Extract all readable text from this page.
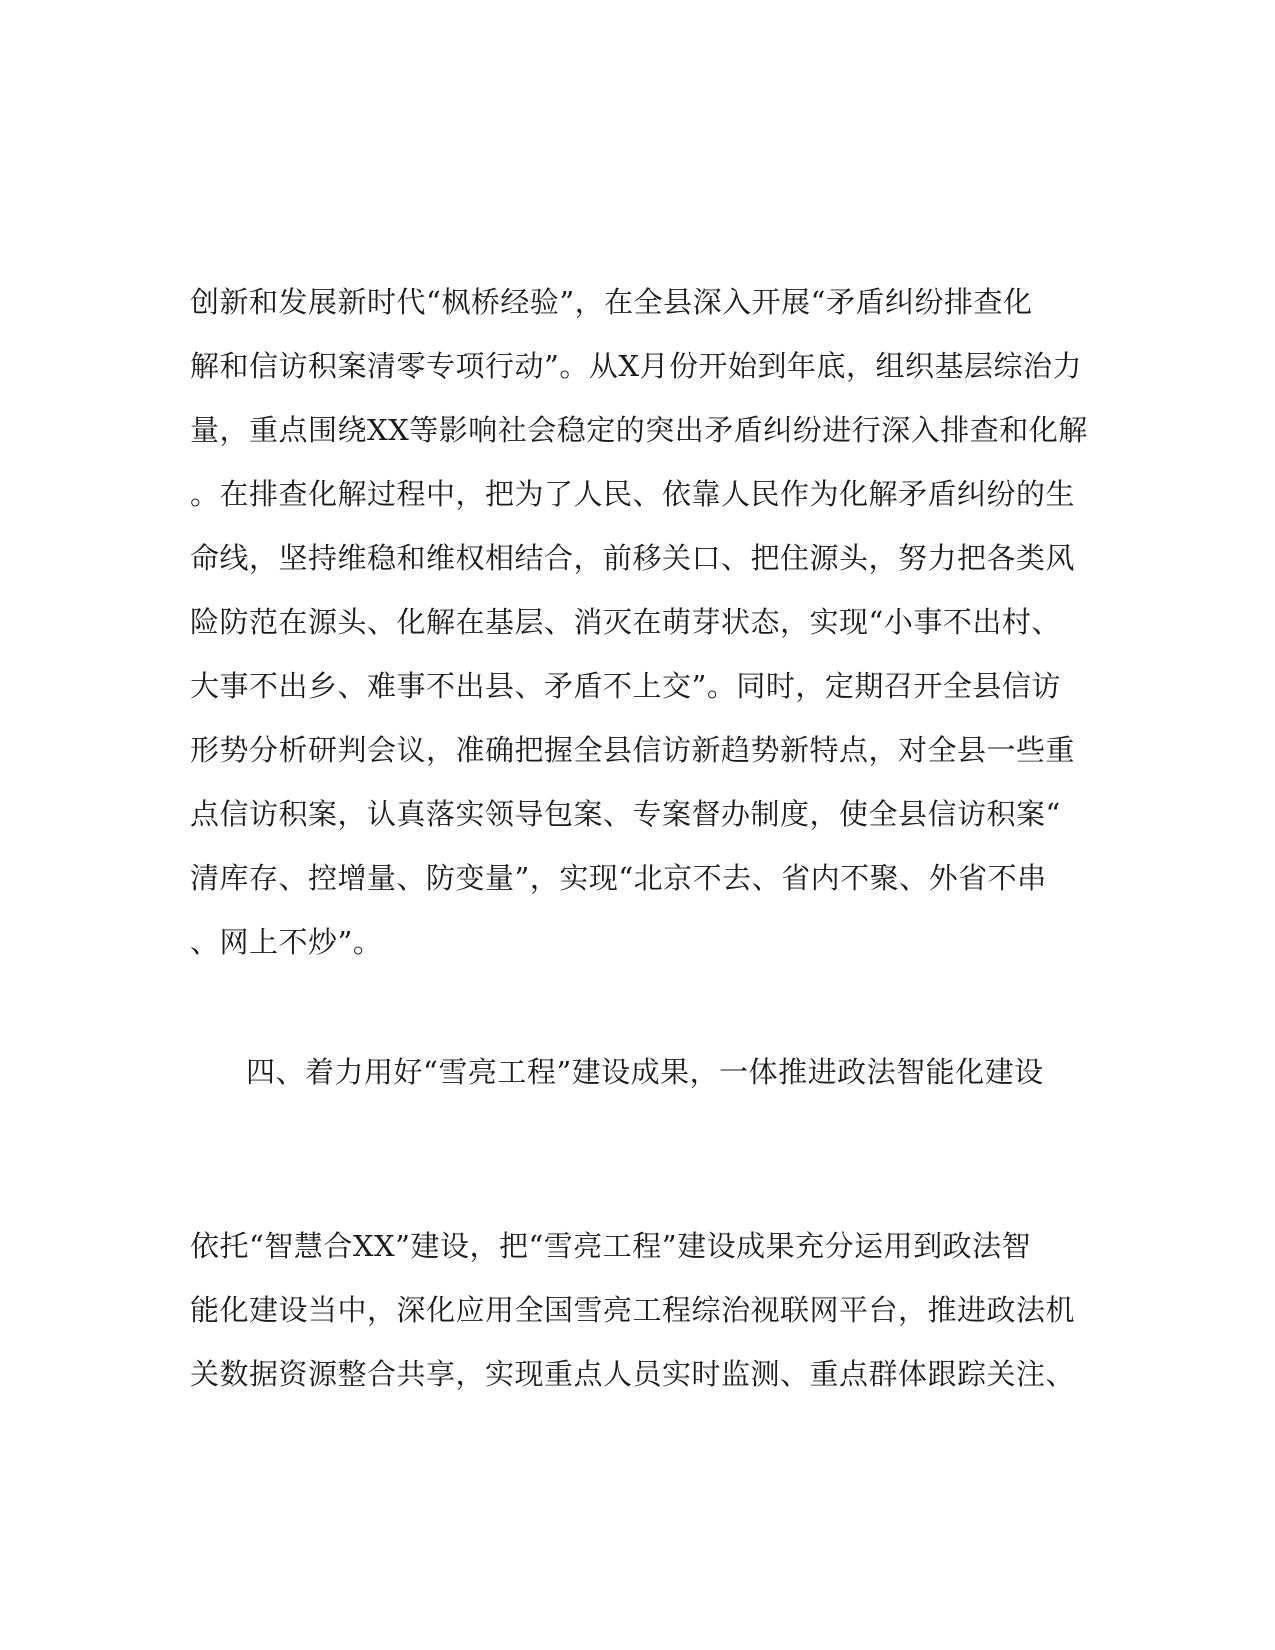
创新和发展新时代“枫桥经验”，在全县深入开展“矛盾纠纷排查化
解和信访积案清零专项行动”。从X月份开始到年底，组织基层综治力
量，重点围绕XX等影响社会稳定的突出矛盾纠纷进行深入排查和化解
。在排查化解过程中，把为了人民、依靠人民作为化解矛盾纠纷的生
命线，坚持维稳和维权相结合，前移关口、把住源头，努力把各类风
险防范在源头、化解在基层、消灭在萌芽状态，实现“小事不出村、
大事不出乡、难事不出县、矛盾不上交”。同时，定期召开全县信访
形势分析研判会议，准确把握全县信访新趋势新特点，对全县一些重
点信访积案，认真落实领导包案、专案督办制度，使全县信访积案“
清库存、控增量、防变量”，实现“北京不去、省内不聚、外省不串
、网上不炒”。
四、着力用好“雪亮工程”建设成果，一体推进政法智能化建设
依托“智慧合XX”建设，把“雪亮工程”建设成果充分运用到政法智
能化建设当中，深化应用全国雪亮工程综治视联网平台，推进政法机
关数据资源整合共享，实现重点人员实时监测、重点群体跟踪关注、
